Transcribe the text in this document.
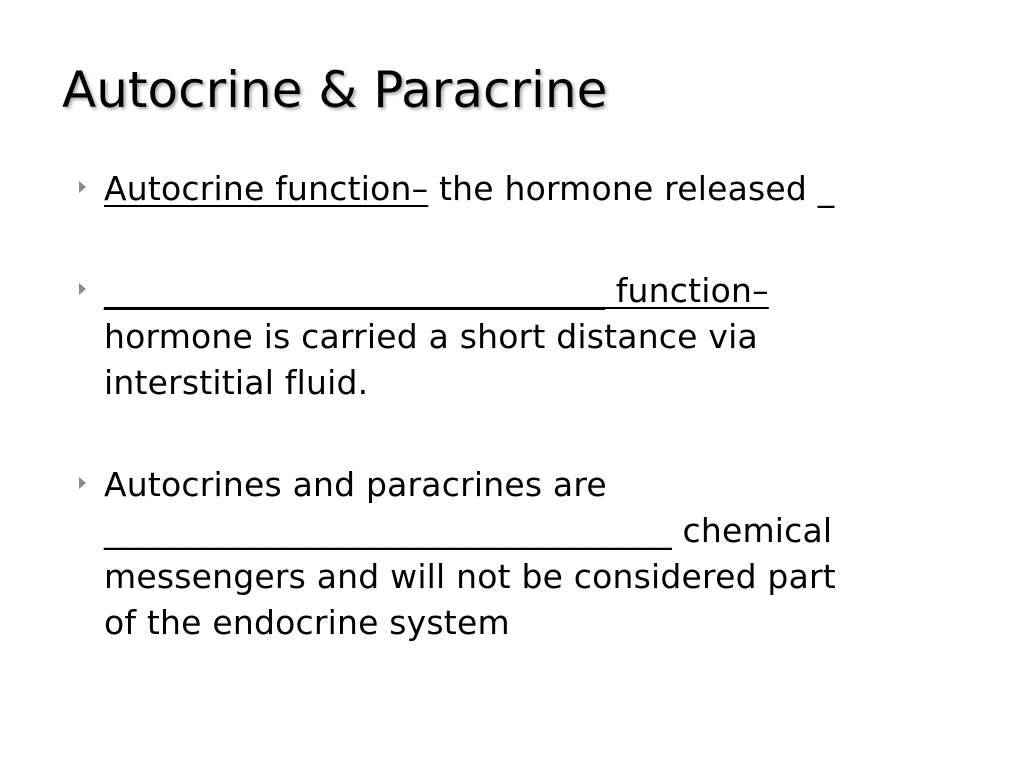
Autocrine & Paracrine
Autocrine function– the hormone released _
______________________________ function–
hormone is carried a short distance via
interstitial fluid.
Autocrines and paracrines are
__________________________________ chemical
messengers and will not be considered part
of the endocrine system
